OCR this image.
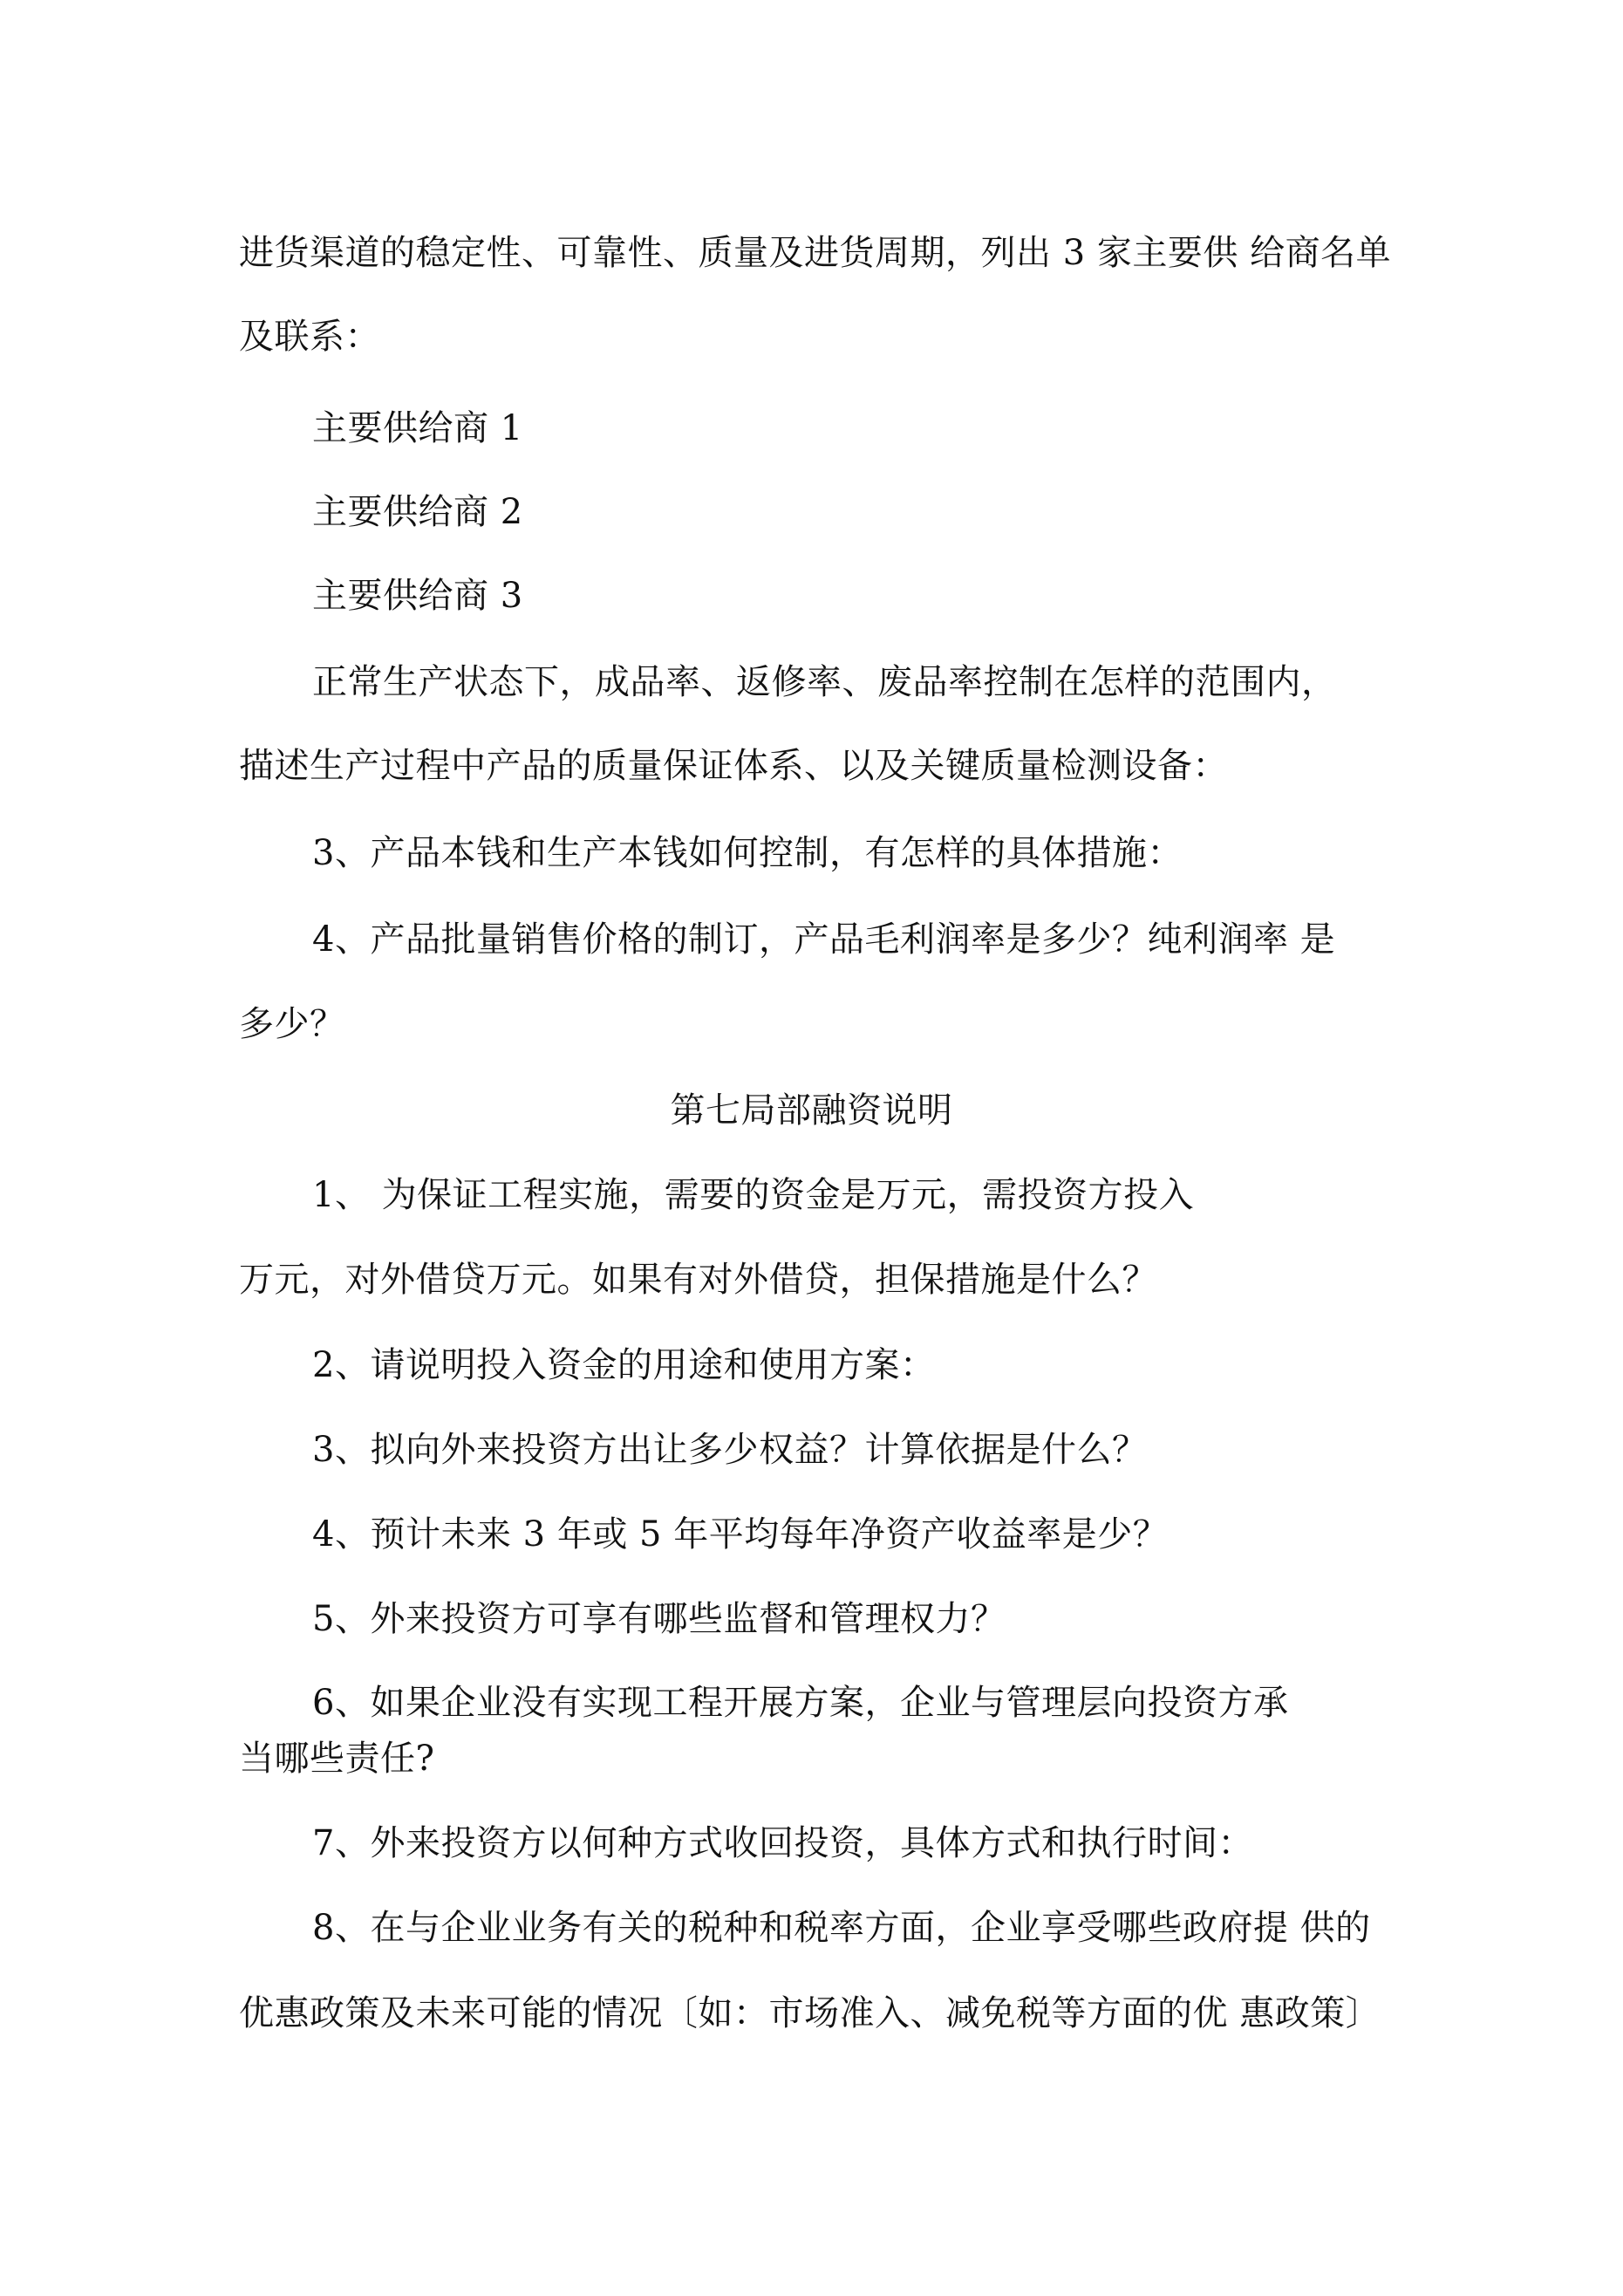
进货渠道的稳定性、可靠性、质量及进货周期，列出 3 家主要供 给商名单
及联系：
主要供给商 1
主要供给商 2
主要供给商 3
正常生产状态下，成品率、返修率、废品率控制在怎样的范围内，
描述生产过程中产品的质量保证体系、以及关键质量检测设备：
3、产品本钱和生产本钱如何控制，有怎样的具体措施：
4、产品批量销售价格的制订，产品毛利润率是多少？纯利润率 是
多少？
第七局部融资说明
1、 为保证工程实施，需要的资金是万元，需投资方投入
万元，对外借贷万元。如果有对外借贷，担保措施是什么？
2、请说明投入资金的用途和使用方案：
3、拟向外来投资方出让多少权益？计算依据是什么？
4、预计未来 3 年或 5 年平均每年净资产收益率是少？
5、外来投资方可享有哪些监督和管理权力？
6、如果企业没有实现工程开展方案，企业与管理层向投资方承
当哪些责任?
7、外来投资方以何种方式收回投资，具体方式和执行时间：
8、在与企业业务有关的税种和税率方面，企业享受哪些政府提 供的
优惠政策及未来可能的情况〔如：市场准入、减免税等方面的优 惠政策〕
